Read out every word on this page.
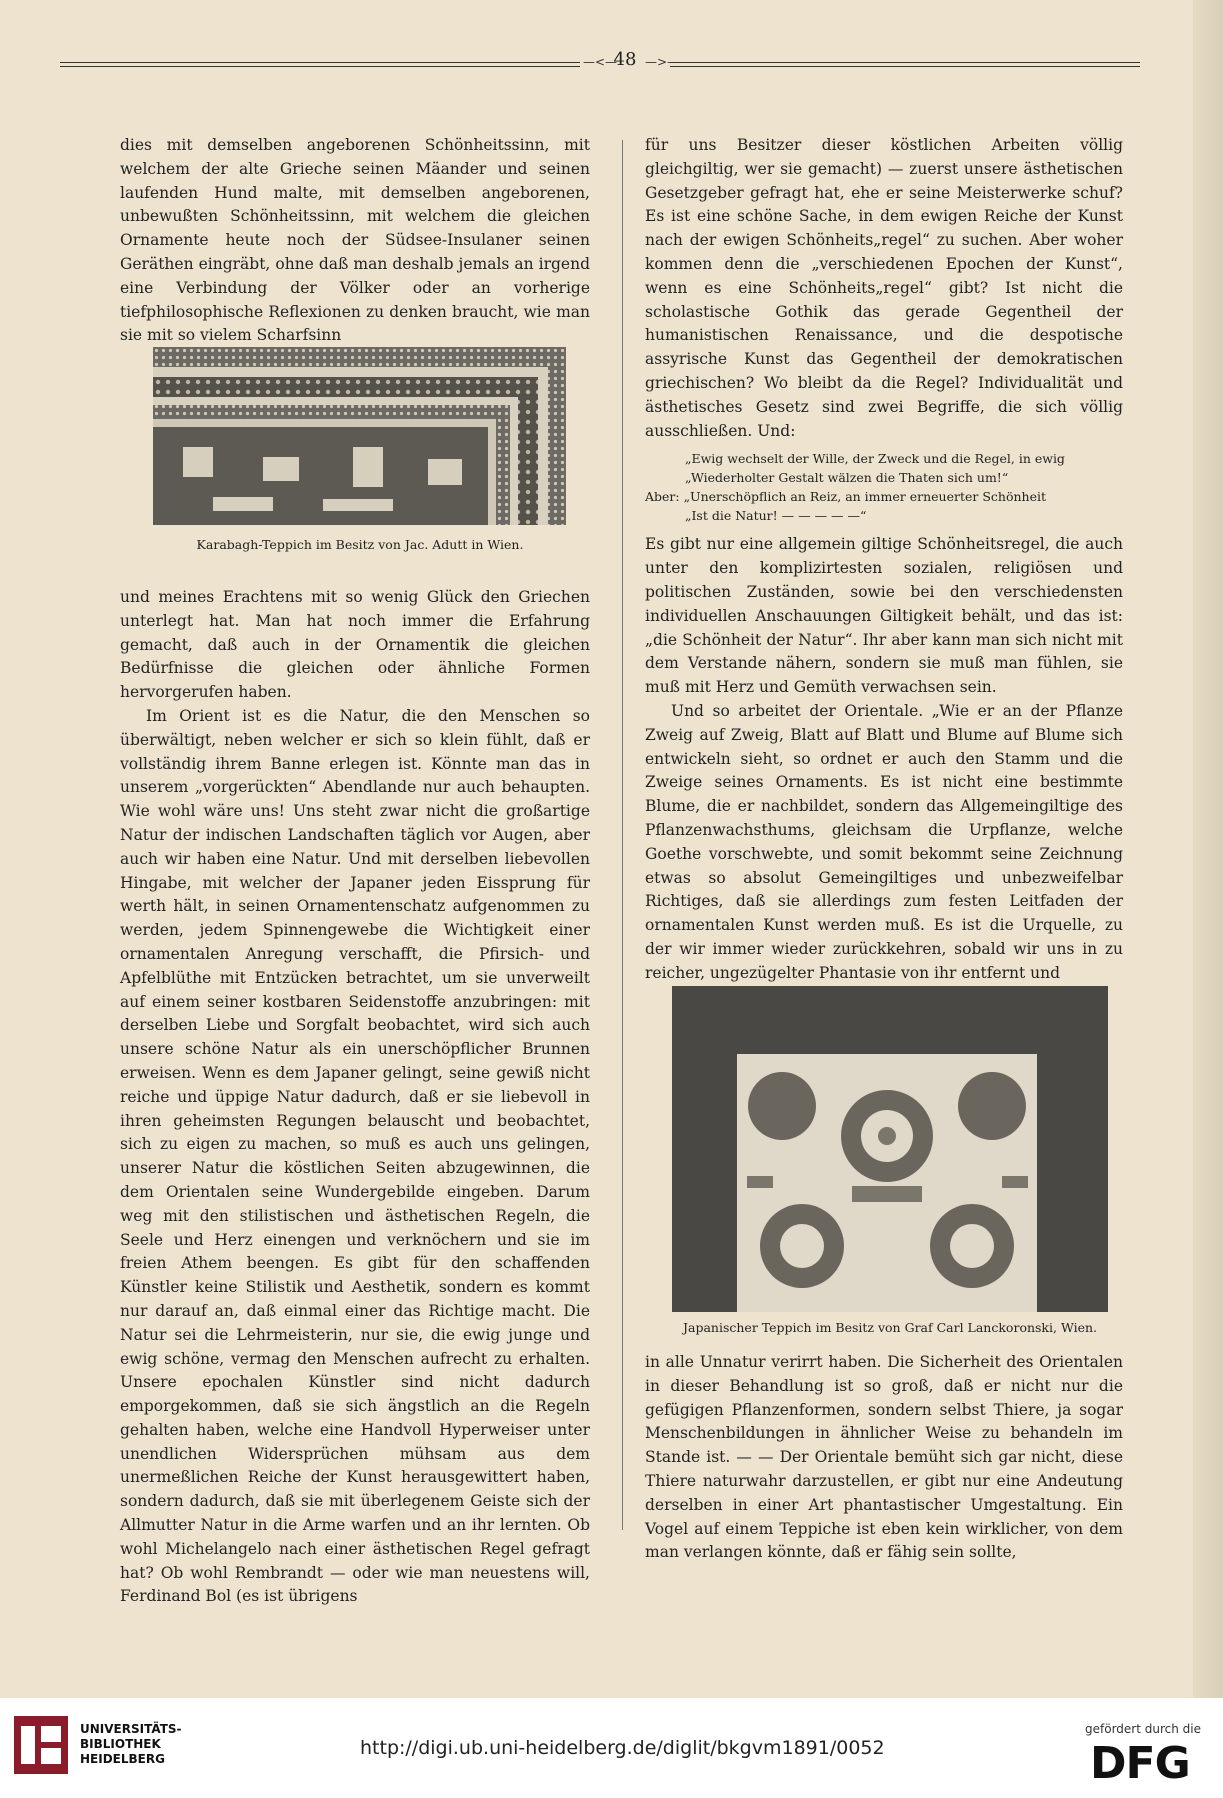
—<—
48 —>—

dies mit demselben angeborenen Schönheitssinn, mit welchem der alte Grieche seinen Mäander und seinen laufenden Hund malte, mit demselben angeborenen, unbewußten Schönheitssinn, mit welchem die gleichen Ornamente heute noch der Südsee-Insulaner seinen Geräthen eingräbt, ohne daß man deshalb jemals an irgend eine Verbindung der Völker oder an vorherige tiefphilosophische Reflexionen zu denken braucht, wie man sie mit so vielem Scharfsinn

Karabagh-Teppich im Besitz von Jac. Adutt in Wien.

und meines Erachtens mit so wenig Glück den Griechen unterlegt hat. Man hat noch immer die Erfahrung gemacht, daß auch in der Ornamentik die gleichen Bedürfnisse die gleichen oder ähnliche Formen hervorgerufen haben.

Im Orient ist es die Natur, die den Menschen so überwältigt, neben welcher er sich so klein fühlt, daß er vollständig ihrem Banne erlegen ist. Könnte man das in unserem „vorgerückten“ Abendlande nur auch behaupten. Wie wohl wäre uns! Uns steht zwar nicht die großartige Natur der indischen Landschaften täglich vor Augen, aber auch wir haben eine Natur. Und mit derselben liebevollen Hingabe, mit welcher der Japaner jeden Eissprung für werth hält, in seinen Ornamentenschatz aufgenommen zu werden, jedem Spinnengewebe die Wichtigkeit einer ornamentalen Anregung verschafft, die Pfirsich- und Apfelblüthe mit Entzücken betrachtet, um sie unverweilt auf einem seiner kostbaren Seidenstoffe anzubringen: mit derselben Liebe und Sorgfalt beobachtet, wird sich auch unsere schöne Natur als ein unerschöpflicher Brunnen erweisen. Wenn es dem Japaner gelingt, seine gewiß nicht reiche und üppige Natur dadurch, daß er sie liebevoll in ihren geheimsten Regungen belauscht und beobachtet, sich zu eigen zu machen, so muß es auch uns gelingen, unserer Natur die köstlichen Seiten abzugewinnen, die dem Orientalen seine Wundergebilde eingeben. Darum weg mit den stilistischen und ästhetischen Regeln, die Seele und Herz einengen und verknöchern und sie im freien Athem beengen. Es gibt für den schaffenden Künstler keine Stilistik und Aesthetik, sondern es kommt nur darauf an, daß einmal einer das Richtige macht. Die Natur sei die Lehrmeisterin, nur sie, die ewig junge und ewig schöne, vermag den Menschen aufrecht zu erhalten. Unsere epochalen Künstler sind nicht dadurch emporgekommen, daß sie sich ängstlich an die Regeln gehalten haben, welche eine Handvoll Hyperweiser unter unendlichen Widersprüchen mühsam aus dem unermeßlichen Reiche der Kunst herausgewittert haben, sondern dadurch, daß sie mit überlegenem Geiste sich der Allmutter Natur in die Arme warfen und an ihr lernten. Ob wohl Michelangelo nach einer ästhetischen Regel gefragt hat? Ob wohl Rembrandt — oder wie man neuestens will, Ferdinand Bol (es ist übrigens

für uns Besitzer dieser köstlichen Arbeiten völlig gleichgiltig, wer sie gemacht) — zuerst unsere ästhetischen Gesetzgeber gefragt hat, ehe er seine Meisterwerke schuf? Es ist eine schöne Sache, in dem ewigen Reiche der Kunst nach der ewigen Schönheits„regel“ zu suchen. Aber woher kommen denn die „verschiedenen Epochen der Kunst“, wenn es eine Schönheits„regel“ gibt? Ist nicht die scholastische Gothik das gerade Gegentheil der humanistischen Renaissance, und die despotische assyrische Kunst das Gegentheil der demokratischen griechischen? Wo bleibt da die Regel? Individualität und ästhetisches Gesetz sind zwei Begriffe, die sich völlig ausschließen. Und:

„Ewig wechselt der Wille, der Zweck und die Regel, in ewig
„Wiederholter Gestalt wälzen die Thaten sich um!“
Aber: „Unerschöpflich an Reiz, an immer erneuerter Schönheit
„Ist die Natur! — — — — —“

Es gibt nur eine allgemein giltige Schönheitsregel, die auch unter den komplizirtesten sozialen, religiösen und politischen Zuständen, sowie bei den verschiedensten individuellen Anschauungen Giltigkeit behält, und das ist: „die Schönheit der Natur“. Ihr aber kann man sich nicht mit dem Verstande nähern, sondern sie muß man fühlen, sie muß mit Herz und Gemüth verwachsen sein.

Und so arbeitet der Orientale. „Wie er an der Pflanze Zweig auf Zweig, Blatt auf Blatt und Blume auf Blume sich entwickeln sieht, so ordnet er auch den Stamm und die Zweige seines Ornaments. Es ist nicht eine bestimmte Blume, die er nachbildet, sondern das Allgemeingiltige des Pflanzenwachsthums, gleichsam die Urpflanze, welche Goethe vorschwebte, und somit bekommt seine Zeichnung etwas so absolut Gemeingiltiges und unbezweifelbar Richtiges, daß sie allerdings zum festen Leitfaden der ornamentalen Kunst werden muß. Es ist die Urquelle, zu der wir immer wieder zurückkehren, sobald wir uns in zu reicher, ungezügelter Phantasie von ihr entfernt und

Japanischer Teppich im Besitz von Graf Carl Lanckoronski, Wien.

in alle Unnatur verirrt haben. Die Sicherheit des Orientalen in dieser Behandlung ist so groß, daß er nicht nur die gefügigen Pflanzenformen, sondern selbst Thiere, ja sogar Menschenbildungen in ähnlicher Weise zu behandeln im Stande ist. — — Der Orientale bemüht sich gar nicht, diese Thiere naturwahr darzustellen, er gibt nur eine Andeutung derselben in einer Art phantastischer Umgestaltung. Ein Vogel auf einem Teppiche ist eben kein wirklicher, von dem man verlangen könnte, daß er fähig sein sollte,

UNIVERSITÄTS-
BIBLIOTHEK
HEIDELBERG	http://digi.ub.uni-heidelberg.de/diglit/bkgvm1891/0052
gefördert durch die
DFG
